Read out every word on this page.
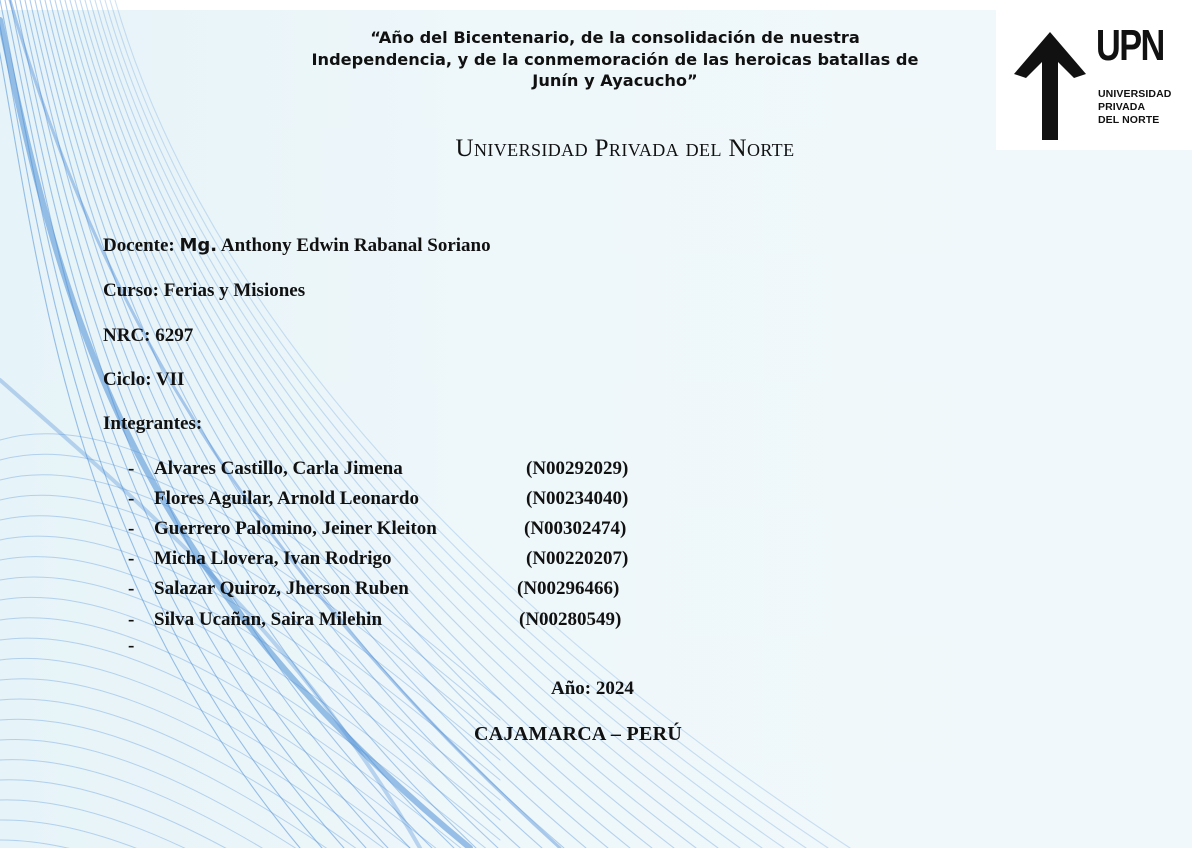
UPN
UNIVERSIDAD
PRIVADA
DEL NORTE
“Año del Bicentenario, de la consolidación de nuestra
Independencia, y de la conmemoración de las heroicas batallas de
Junín y Ayacucho”
Universidad Privada del Norte
Docente: Mg. Anthony Edwin Rabanal Soriano
Curso: Ferias y Misiones
NRC: 6297
Ciclo: VII
Integrantes:
- Alvares Castillo, Carla Jimena	(N00292029)
- Flores Aguilar, Arnold Leonardo	(N00234040)
- Guerrero Palomino, Jeiner Kleiton	(N00302474)
- Micha Llovera, Ivan Rodrigo	(N00220207)
- Salazar Quiroz, Jherson Ruben	(N00296466)
- Silva Ucañan, Saira Milehin	(N00280549)
-
Año: 2024
CAJAMARCA – PERÚ
